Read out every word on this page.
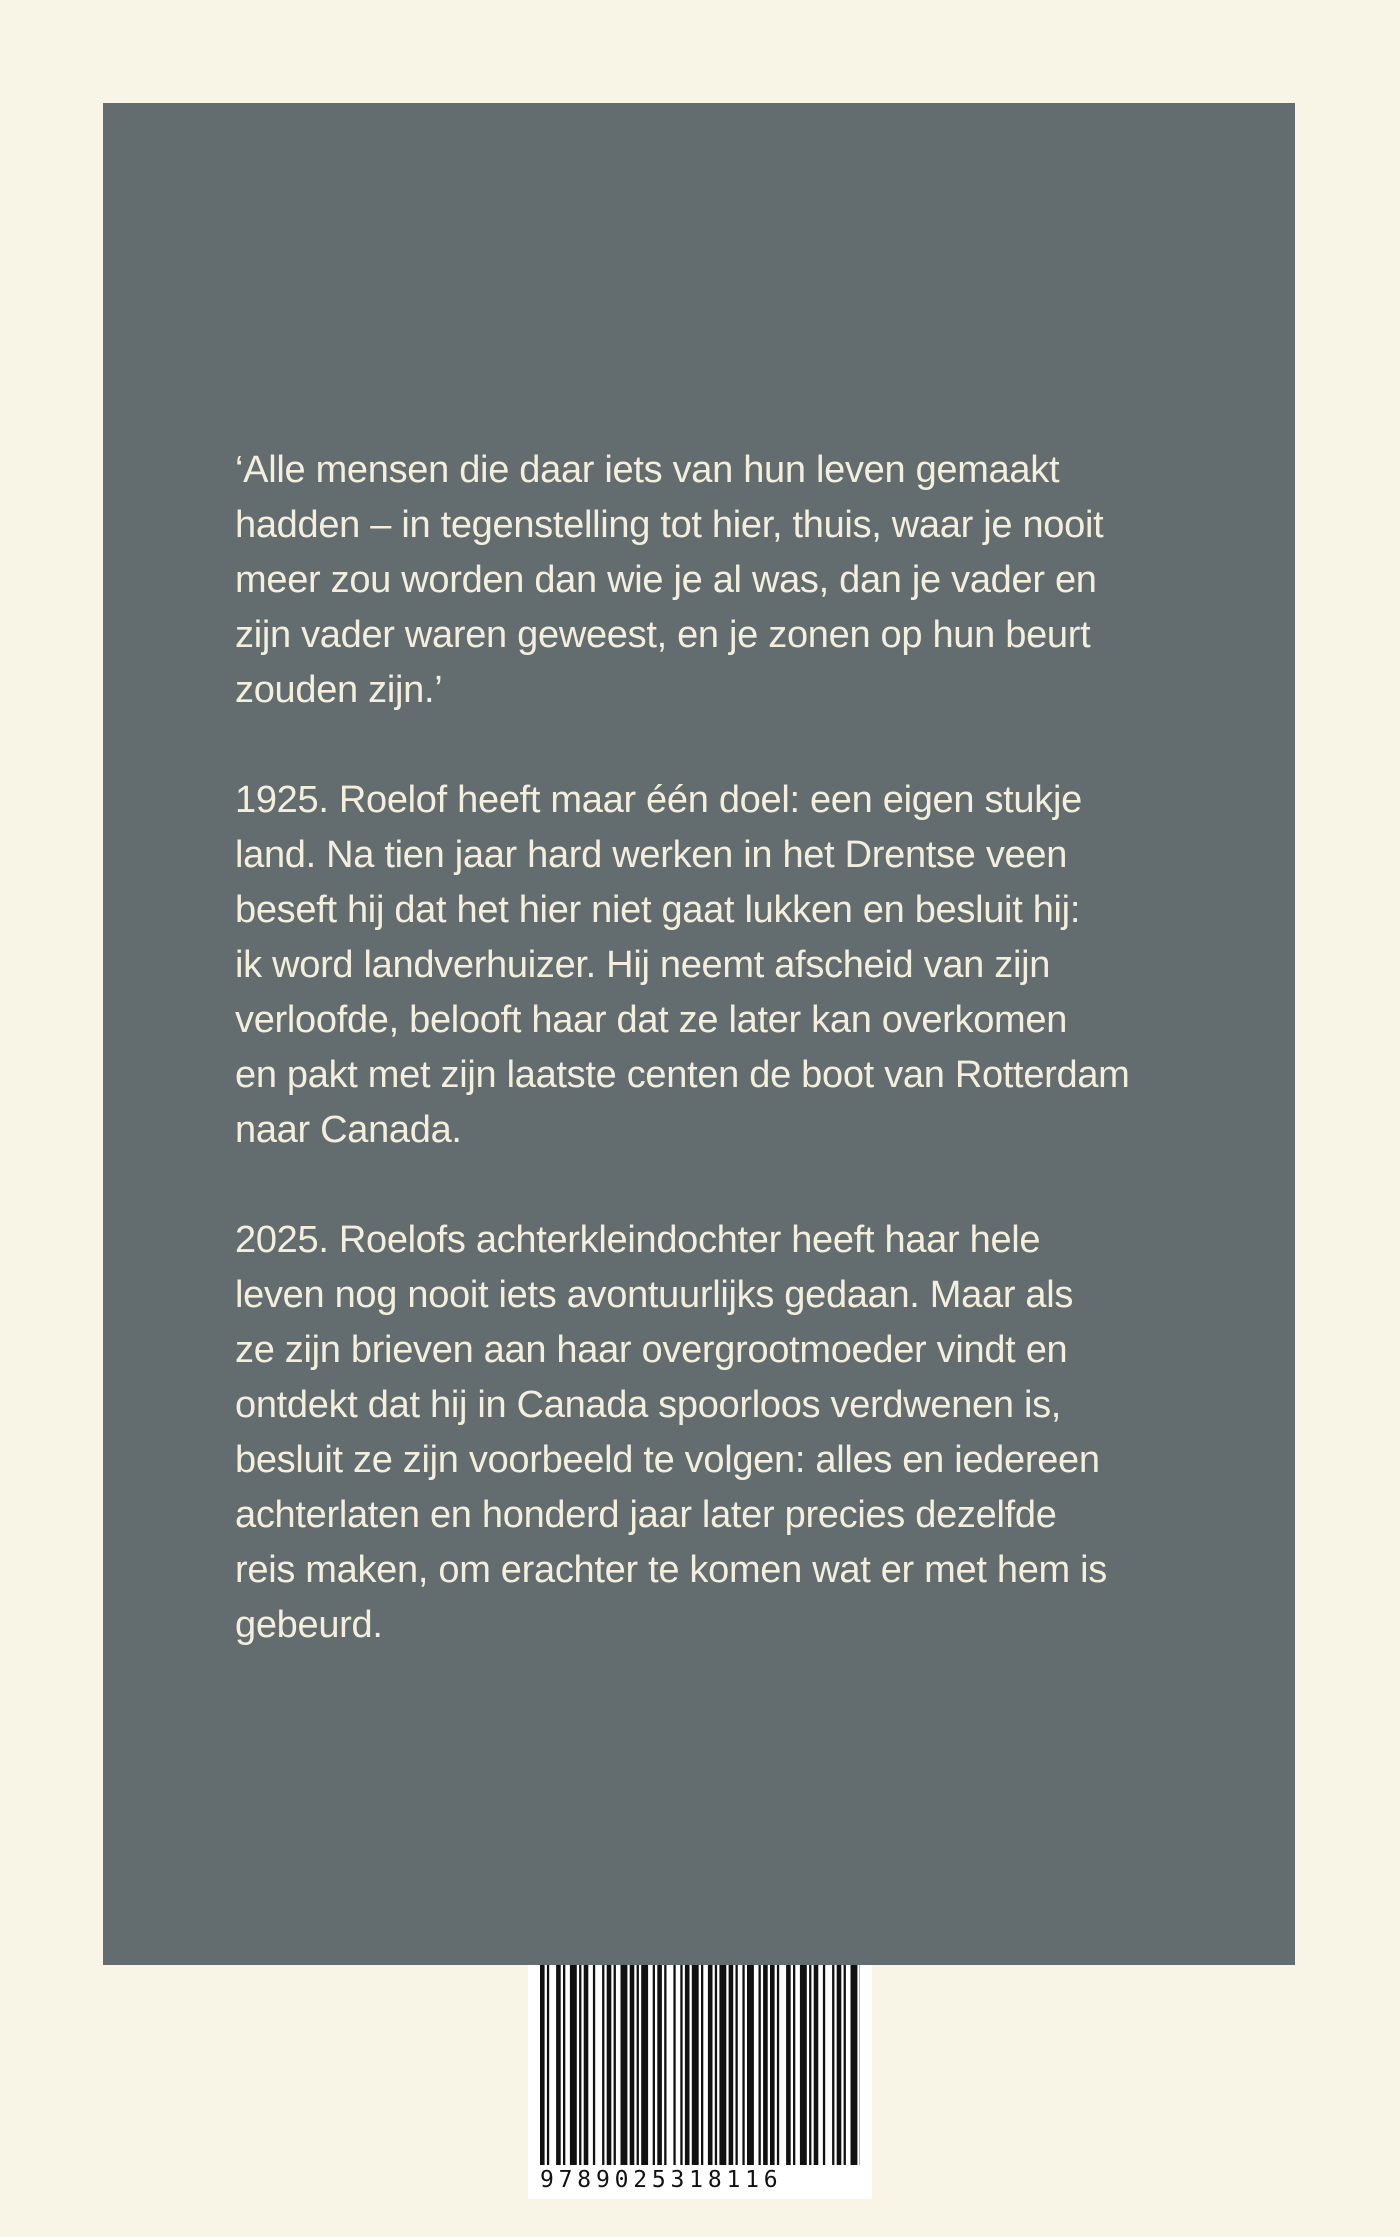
‘Alle mensen die daar iets van hun leven gemaakt
hadden – in tegenstelling tot hier, thuis, waar je nooit
meer zou worden dan wie je al was, dan je vader en
zijn vader waren geweest, en je zonen op hun beurt
zouden zijn.’

1925. Roelof heeft maar één doel: een eigen stukje
land. Na tien jaar hard werken in het Drentse veen
beseft hij dat het hier niet gaat lukken en besluit hij:
ik word landverhuizer. Hij neemt afscheid van zijn
verloofde, belooft haar dat ze later kan overkomen
en pakt met zijn laatste centen de boot van Rotterdam
naar Canada.

2025. Roelofs achterkleindochter heeft haar hele
leven nog nooit iets avontuurlijks gedaan. Maar als
ze zijn brieven aan haar overgrootmoeder vindt en
ontdekt dat hij in Canada spoorloos verdwenen is,
besluit ze zijn voorbeeld te volgen: alles en iedereen
achterlaten en honderd jaar later precies dezelfde
reis maken, om erachter te komen wat er met hem is
gebeurd.

9789025318116
